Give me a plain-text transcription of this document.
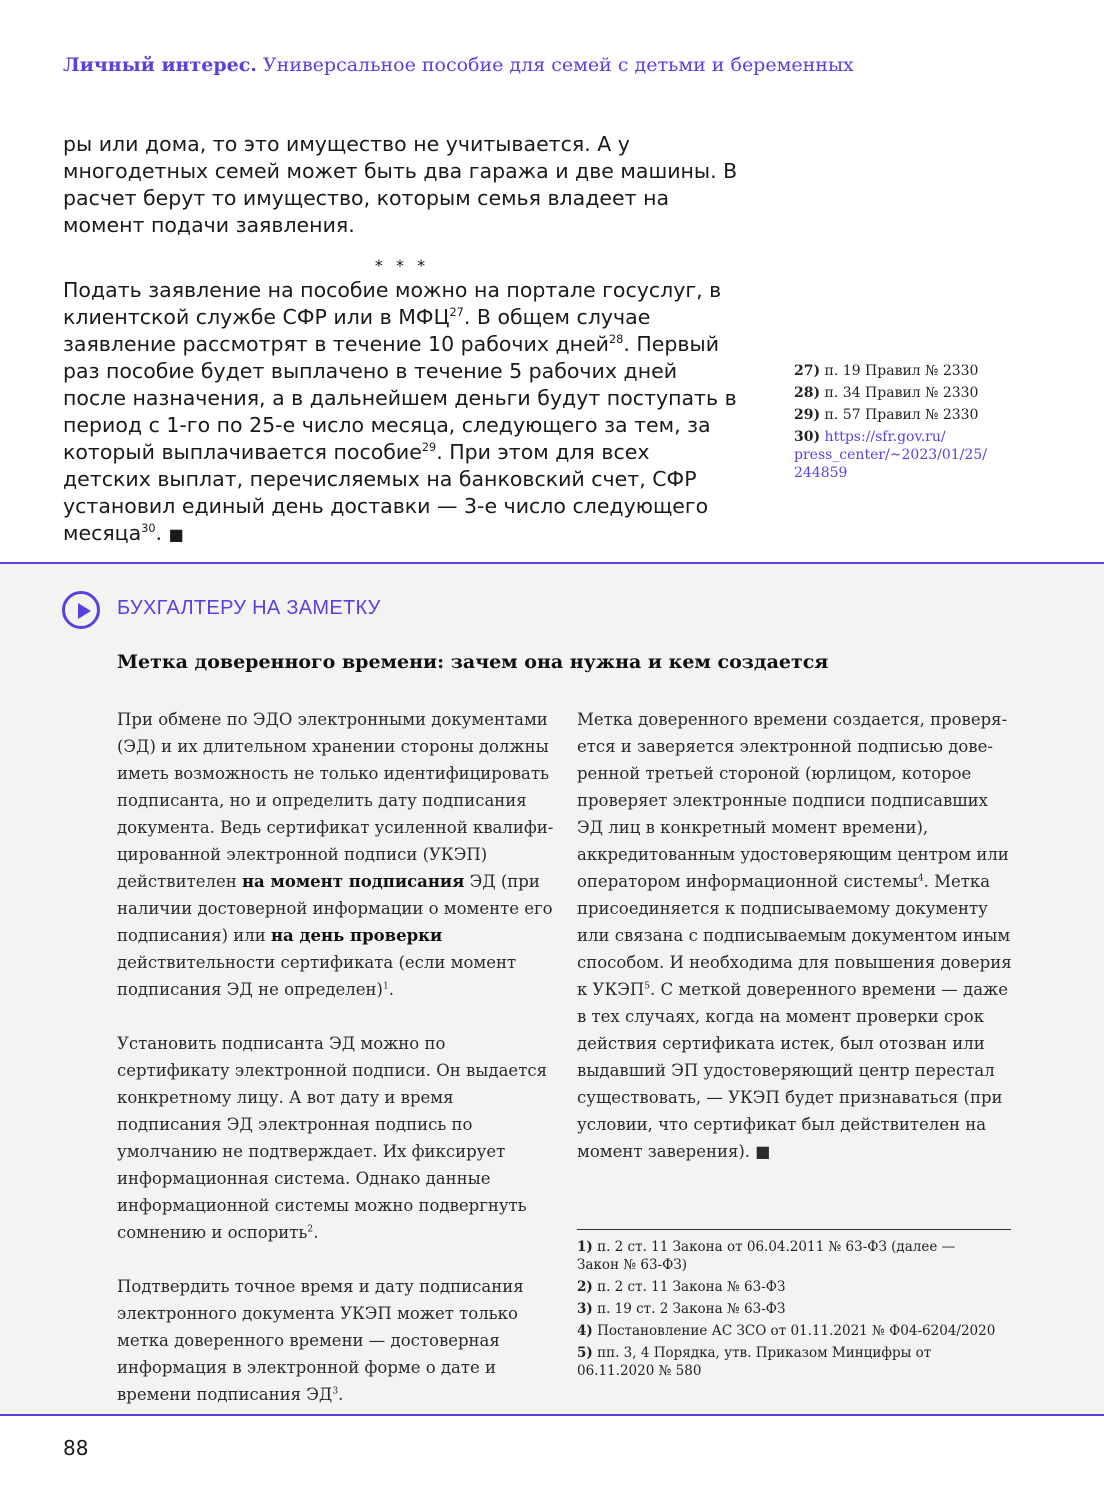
Личный интерес. Универсальное пособие для семей с детьми и беременных

ры или дома, то это имущество не учитывается. А у многодетных семей может быть два гаража и две машины. В расчет берут то имущество, которым семья владеет на момент подачи заявления.

* * *

Подать заявление на пособие можно на портале госуслуг, в клиентской службе СФР или в МФЦ$^{27}$. В общем случае заявление рассмотрят в течение 10 рабочих дней$^{28}$. Первый раз пособие будет выплачено в течение 5 рабочих дней после назначения, а в дальнейшем деньги будут поступать в период с 1-го по 25-е число месяца, следующего за тем, за который выплачивается пособие$^{29}$. При этом для всех детских выплат, перечисляемых на банковский счет, СФР установил единый день доставки — 3-е число следующего месяца$^{30}$. ■

27) п. 19 Правил № 2330
28) п. 34 Правил № 2330
29) п. 57 Правил № 2330
30) https://sfr.gov.ru/ press_center/~2023/01/25/ 244859
БУХГАЛТЕРУ НА ЗАМЕТКУ
Метка доверенного времени: зачем она нужна и кем создается

При обмене по ЭДО электронными документами (ЭД) и их длительном хранении стороны должны иметь возможность не только идентифицировать подписанта, но и определить дату подписания документа. Ведь сертификат усиленной квалифицированной электронной подписи (УКЭП) действителен на момент подписания ЭД (при наличии достоверной информации о моменте его подписания) или на день проверки действительности сертификата (если момент подписания ЭД не определен)$^1$.

Установить подписанта ЭД можно по сертификату электронной подписи. Он выдается конкретному лицу. А вот дату и время подписания ЭД электронная подпись по умолчанию не подтверждает. Их фиксирует информационная система. Однако данные информационной системы можно подвергнуть сомнению и оспорить$^2$.

Подтвердить точное время и дату подписания электронного документа УКЭП может только метка доверенного времени — достоверная информация в электронной форме о дате и времени подписания $ЭД^3$.

Метка доверенного времени создается, проверяется и заверяется электронной подписью доверенной третьей стороной (юрлицом, которое проверяет электронные подписи подписавших ЭД лиц в конкретный момент времени), аккредитованным удостоверяющим центром или оператором информационной системы$^4$. Метка присоединяется к подписываемому документу или связана с подписываемым документом иным способом. И необходима для повышения доверия к УКЭП$^5$. С меткой доверенного времени — даже в тех случаях, когда на момент проверки срок действия сертификата истек, был отозван или выдавший ЭП удостоверяющий центр перестал существовать, — УКЭП будет признаваться (при условии, что сертификат был действителен на момент заверения). ■

1) п. 2 ст. 11 Закона от 06.04.2011 № 63-ФЗ (далее — Закон № 63-ФЗ)
2) п. 2 ст. 11 Закона № 63-ФЗ
3) п. 19 ст. 2 Закона № 63-ФЗ
4) Постановление АС ЗСО от 01.11.2021 № Ф04-6204/2020
5) пп. 3, 4 Порядка, утв. Приказом Минцифры от 06.11.2020 № 580
88
